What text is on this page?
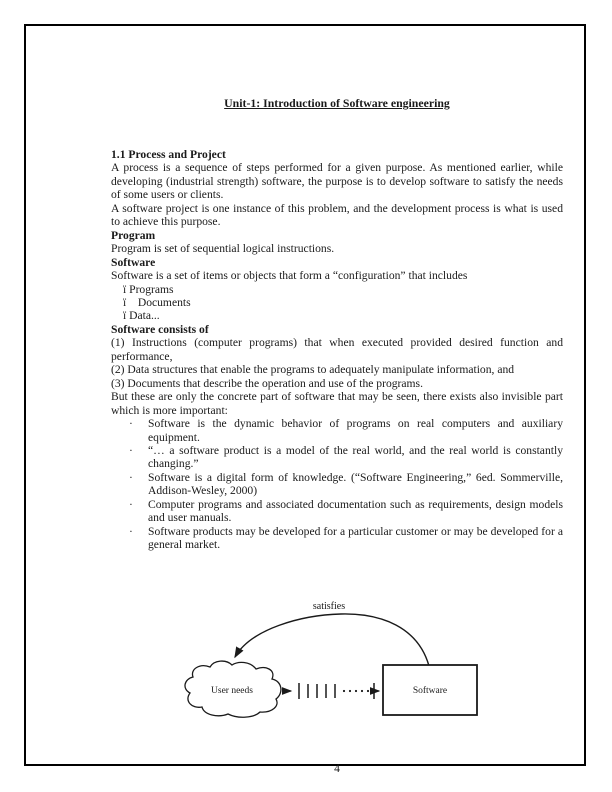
Unit-1: Introduction of Software engineering

1.1 Process and Project

A process is a sequence of steps performed for a given purpose. As mentioned earlier, while developing (industrial strength) software, the purpose is to develop software to satisfy the needs of some users or clients.

A software project is one instance of this problem, and the development process is what is used to achieve this purpose.

Program

Program is set of sequential logical instructions.

Software

Software is a set of items or objects that form a “configuration” that includes

ï Programs
ï    Documents
ï Data...

Software consists of

(1) Instructions (computer programs) that when executed provided desired function and performance,

(2) Data structures that enable the programs to adequately manipulate information, and

(3) Documents that describe the operation and use of the programs.

But these are only the concrete part of software that may be seen, there exists also invisible part which is more important:

· Software is the dynamic behavior of programs on real computers and auxiliary equipment.
· “… a software product is a model of the real world, and the real world is constantly changing.”
· Software is a digital form of knowledge. (“Software Engineering,” 6ed. Sommerville, Addison-Wesley, 2000)
· Computer programs and associated documentation such as requirements, design models and user manuals.
· Software products may be developed for a particular customer or may be developed for a general market.
satisfies
User needs	Software
4
